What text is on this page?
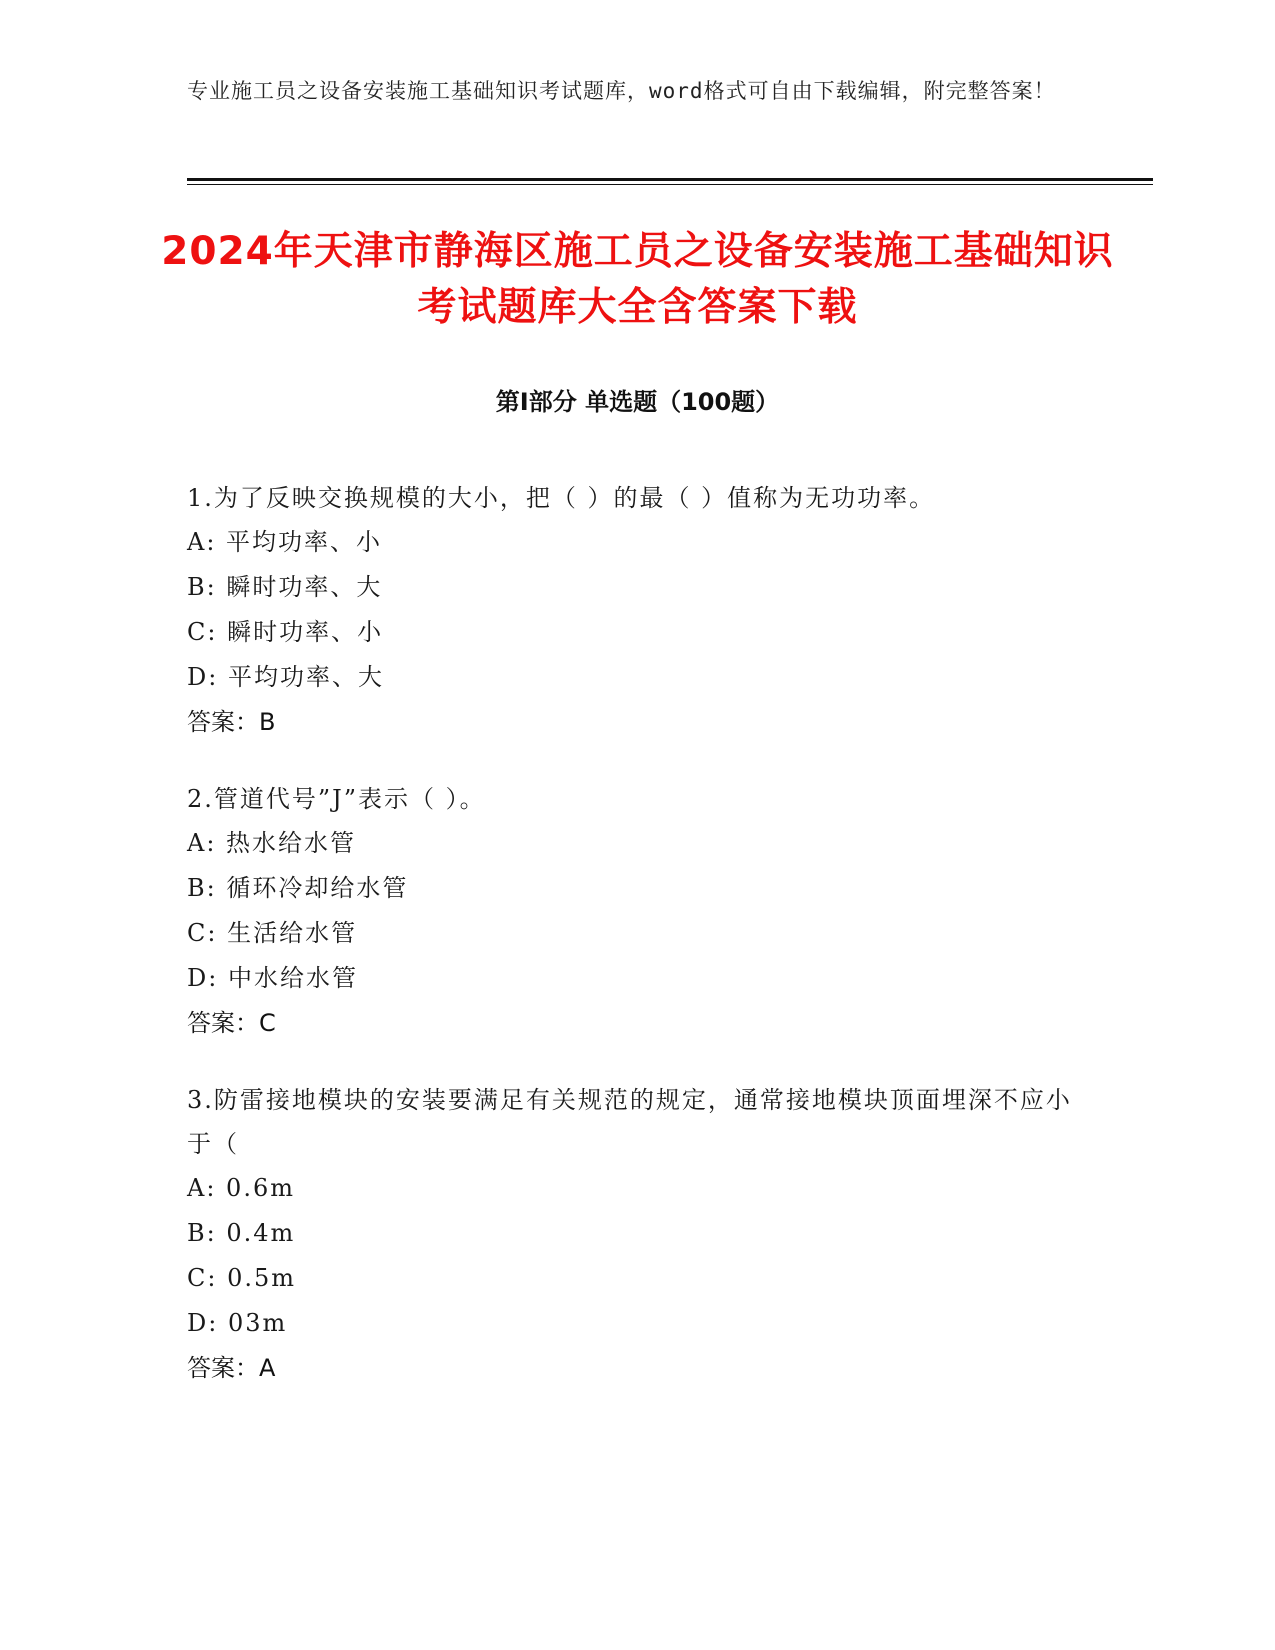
专业施工员之设备安装施工基础知识考试题库，word格式可自由下载编辑，附完整答案！
2024年天津市静海区施工员之设备安装施工基础知识考试题库大全含答案下载
第Ⅰ部分 单选题（100题）
1.为了反映交换规模的大小，把（ ）的最（ ）值称为无功功率。
A: 平均功率、小
B: 瞬时功率、大
C: 瞬时功率、小
D: 平均功率、大
答案：B
2.管道代号”J”表示（ ）。
A: 热水给水管
B: 循环冷却给水管
C: 生活给水管
D: 中水给水管
答案：C
3.防雷接地模块的安装要满足有关规范的规定，通常接地模块顶面埋深不应小于（
A: 0.6m
B: 0.4m
C: 0.5m
D: 03m
答案：A
